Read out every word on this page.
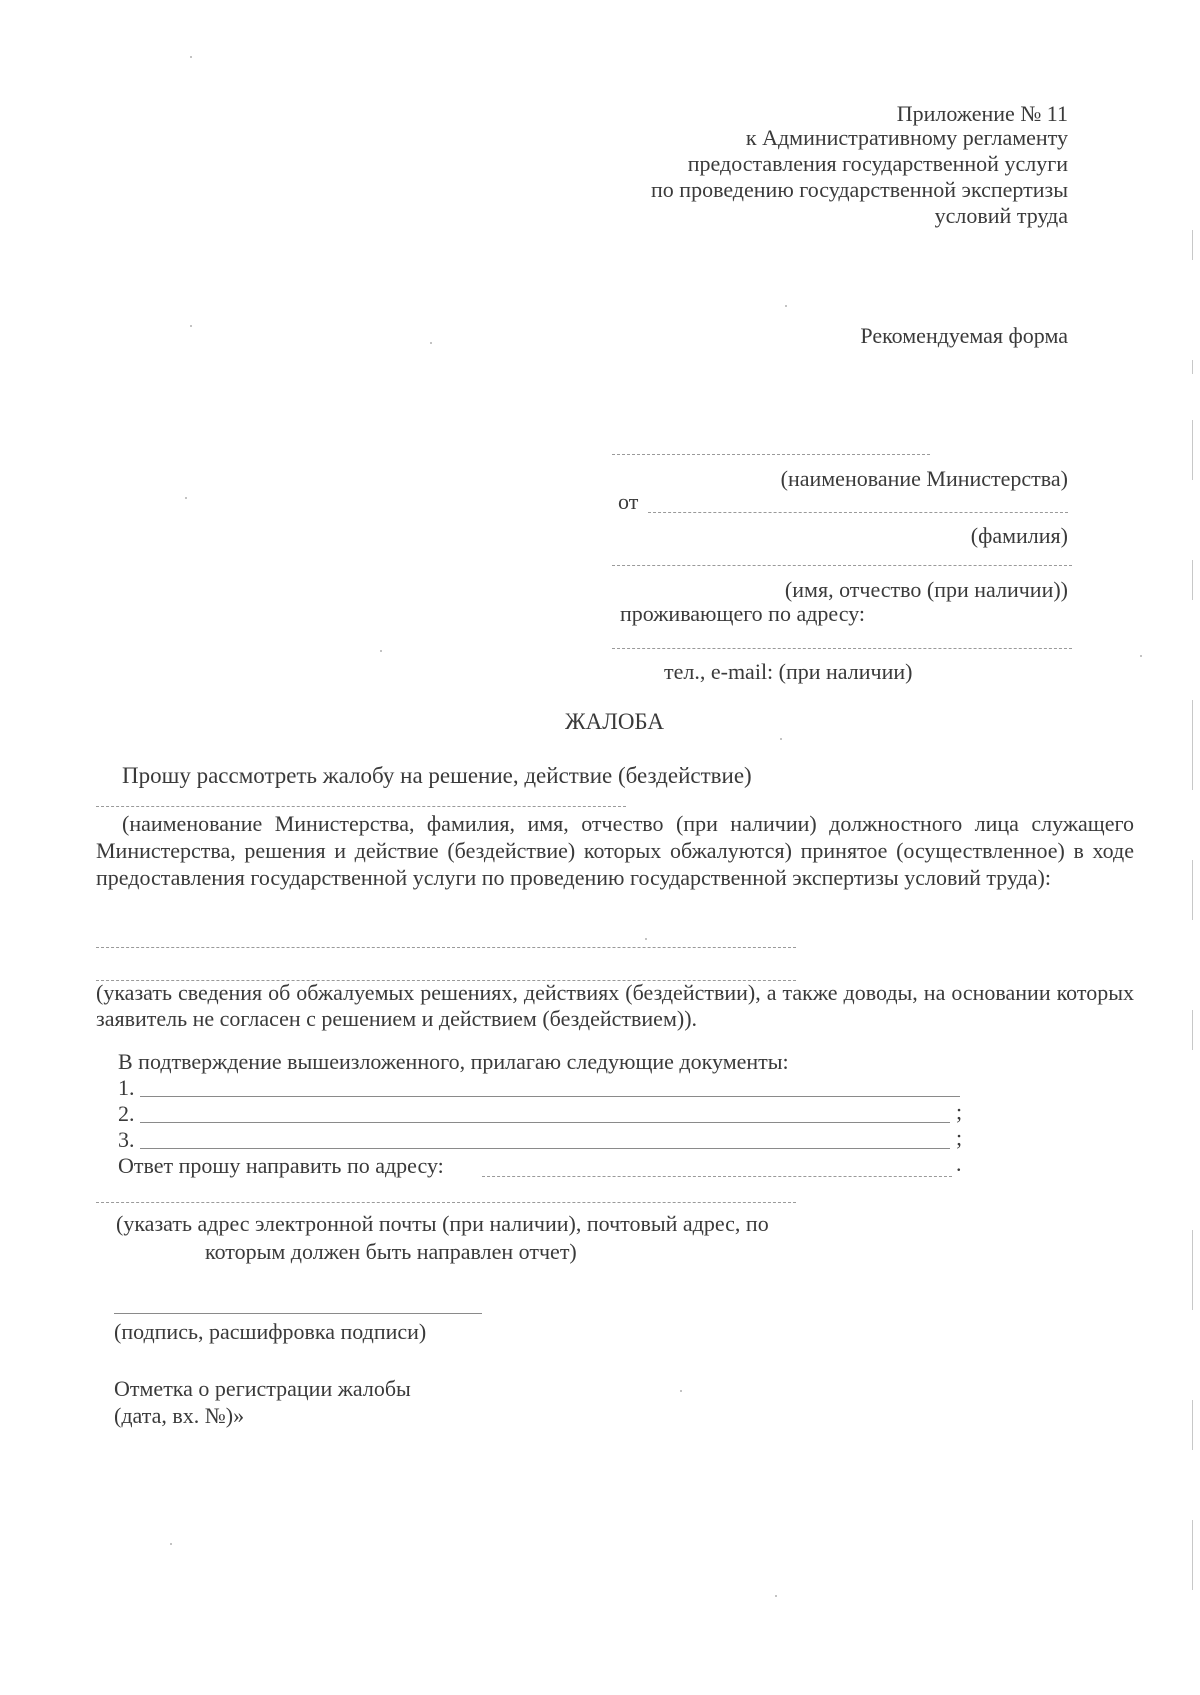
Приложение № 11
к Административному регламенту
предоставления государственной услуги
по проведению государственной экспертизы
условий труда
Рекомендуемая форма
(наименование Министерства)
от
(фамилия)
(имя, отчество (при наличии))
проживающего по адресу:
тел., e-mail: (при наличии)
ЖАЛОБА
Прошу рассмотреть жалобу на решение, действие (бездействие)
(наименование Министерства, фамилия, имя, отчество (при наличии) должностного лица служащего Министерства, решения и действие (бездействие) которых обжалуются) принятое (осуществленное) в ходе предоставления государственной услуги по проведению государственной экспертизы условий труда):
(указать сведения об обжалуемых решениях, действиях (бездействии), а также доводы, на основании которых заявитель не согласен с решением и действием (бездействием)).
В подтверждение вышеизложенного, прилагаю следующие документы:
1.
2.	;
3.	;
Ответ прошу направить по адресу:	.
(указать адрес электронной почты (при наличии), почтовый адрес, по
которым должен быть направлен отчет)
(подпись, расшифровка подписи)
Отметка о регистрации жалобы
(дата, вх. №)»
